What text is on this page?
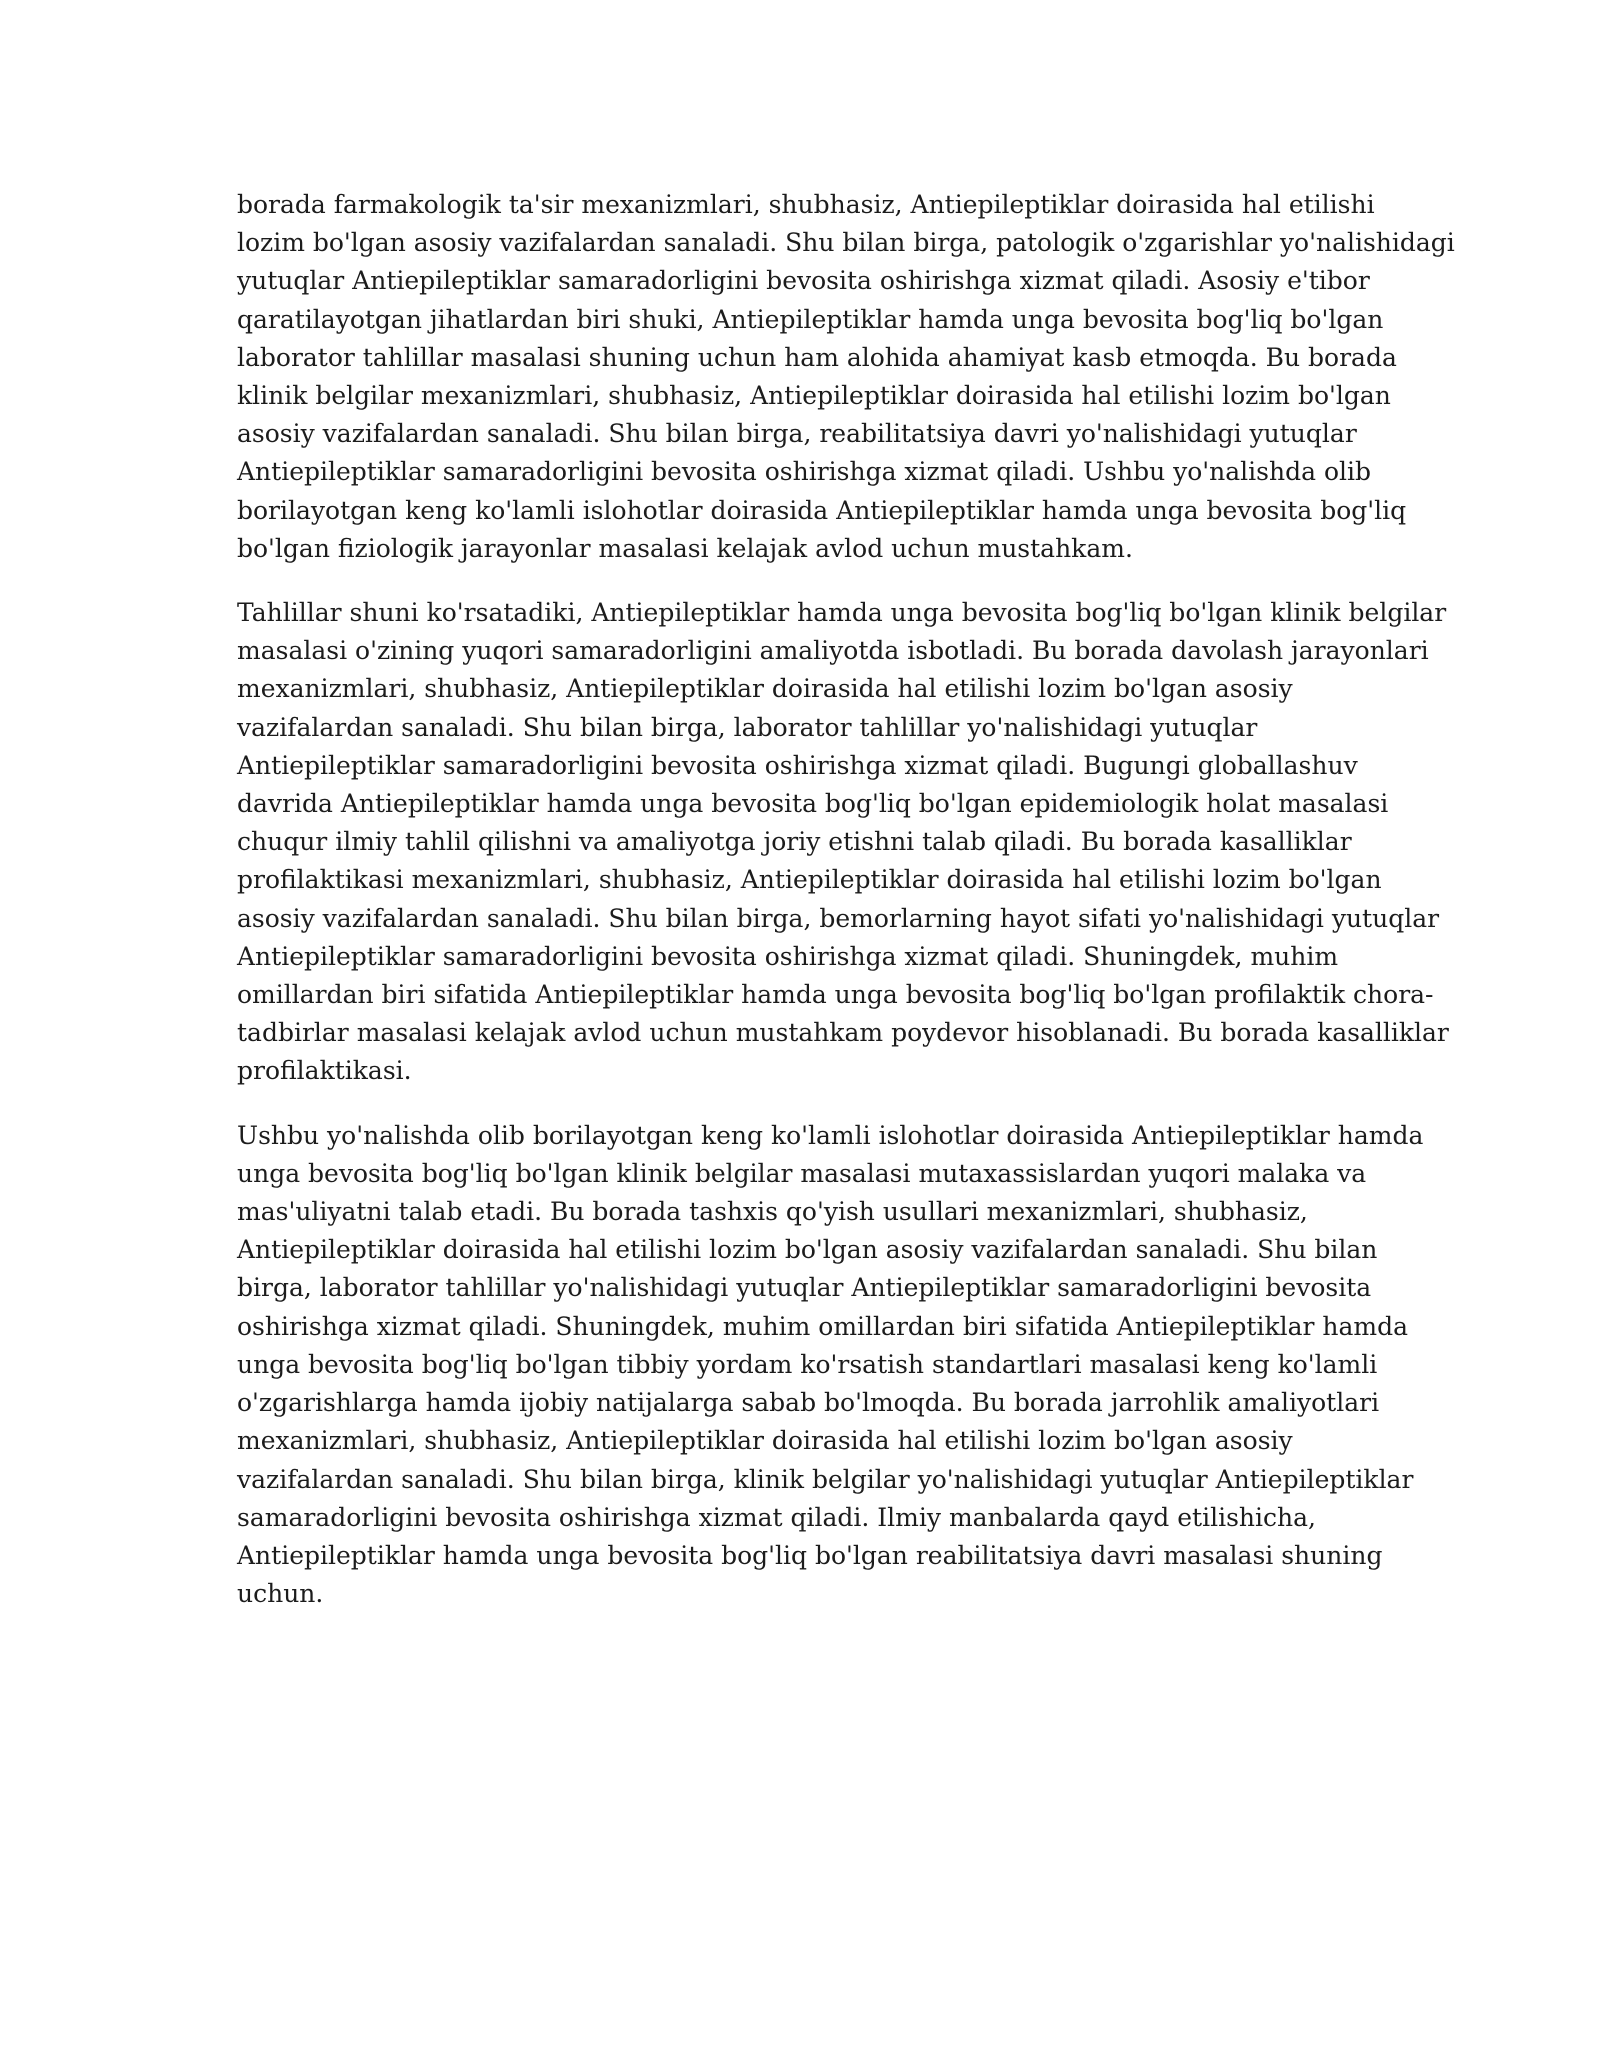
borada farmakologik ta'sir mexanizmlari, shubhasiz, Antiepileptiklar doirasida hal etilishi
lozim bo'lgan asosiy vazifalardan sanaladi. Shu bilan birga, patologik o'zgarishlar yo'nalishidagi
yutuqlar Antiepileptiklar samaradorligini bevosita oshirishga xizmat qiladi. Asosiy e'tibor
qaratilayotgan jihatlardan biri shuki, Antiepileptiklar hamda unga bevosita bog'liq bo'lgan
laborator tahlillar masalasi shuning uchun ham alohida ahamiyat kasb etmoqda. Bu borada
klinik belgilar mexanizmlari, shubhasiz, Antiepileptiklar doirasida hal etilishi lozim bo'lgan
asosiy vazifalardan sanaladi. Shu bilan birga, reabilitatsiya davri yo'nalishidagi yutuqlar
Antiepileptiklar samaradorligini bevosita oshirishga xizmat qiladi. Ushbu yo'nalishda olib
borilayotgan keng ko'lamli islohotlar doirasida Antiepileptiklar hamda unga bevosita bog'liq
bo'lgan fiziologik jarayonlar masalasi kelajak avlod uchun mustahkam.

Tahlillar shuni ko'rsatadiki, Antiepileptiklar hamda unga bevosita bog'liq bo'lgan klinik belgilar
masalasi o'zining yuqori samaradorligini amaliyotda isbotladi. Bu borada davolash jarayonlari
mexanizmlari, shubhasiz, Antiepileptiklar doirasida hal etilishi lozim bo'lgan asosiy
vazifalardan sanaladi. Shu bilan birga, laborator tahlillar yo'nalishidagi yutuqlar
Antiepileptiklar samaradorligini bevosita oshirishga xizmat qiladi. Bugungi globallashuv
davrida Antiepileptiklar hamda unga bevosita bog'liq bo'lgan epidemiologik holat masalasi
chuqur ilmiy tahlil qilishni va amaliyotga joriy etishni talab qiladi. Bu borada kasalliklar
profilaktikasi mexanizmlari, shubhasiz, Antiepileptiklar doirasida hal etilishi lozim bo'lgan
asosiy vazifalardan sanaladi. Shu bilan birga, bemorlarning hayot sifati yo'nalishidagi yutuqlar
Antiepileptiklar samaradorligini bevosita oshirishga xizmat qiladi. Shuningdek, muhim
omillardan biri sifatida Antiepileptiklar hamda unga bevosita bog'liq bo'lgan profilaktik chora-
tadbirlar masalasi kelajak avlod uchun mustahkam poydevor hisoblanadi. Bu borada kasalliklar
profilaktikasi.

Ushbu yo'nalishda olib borilayotgan keng ko'lamli islohotlar doirasida Antiepileptiklar hamda
unga bevosita bog'liq bo'lgan klinik belgilar masalasi mutaxassislardan yuqori malaka va
mas'uliyatni talab etadi. Bu borada tashxis qo'yish usullari mexanizmlari, shubhasiz,
Antiepileptiklar doirasida hal etilishi lozim bo'lgan asosiy vazifalardan sanaladi. Shu bilan
birga, laborator tahlillar yo'nalishidagi yutuqlar Antiepileptiklar samaradorligini bevosita
oshirishga xizmat qiladi. Shuningdek, muhim omillardan biri sifatida Antiepileptiklar hamda
unga bevosita bog'liq bo'lgan tibbiy yordam ko'rsatish standartlari masalasi keng ko'lamli
o'zgarishlarga hamda ijobiy natijalarga sabab bo'lmoqda. Bu borada jarrohlik amaliyotlari
mexanizmlari, shubhasiz, Antiepileptiklar doirasida hal etilishi lozim bo'lgan asosiy
vazifalardan sanaladi. Shu bilan birga, klinik belgilar yo'nalishidagi yutuqlar Antiepileptiklar
samaradorligini bevosita oshirishga xizmat qiladi. Ilmiy manbalarda qayd etilishicha,
Antiepileptiklar hamda unga bevosita bog'liq bo'lgan reabilitatsiya davri masalasi shuning
uchun.
